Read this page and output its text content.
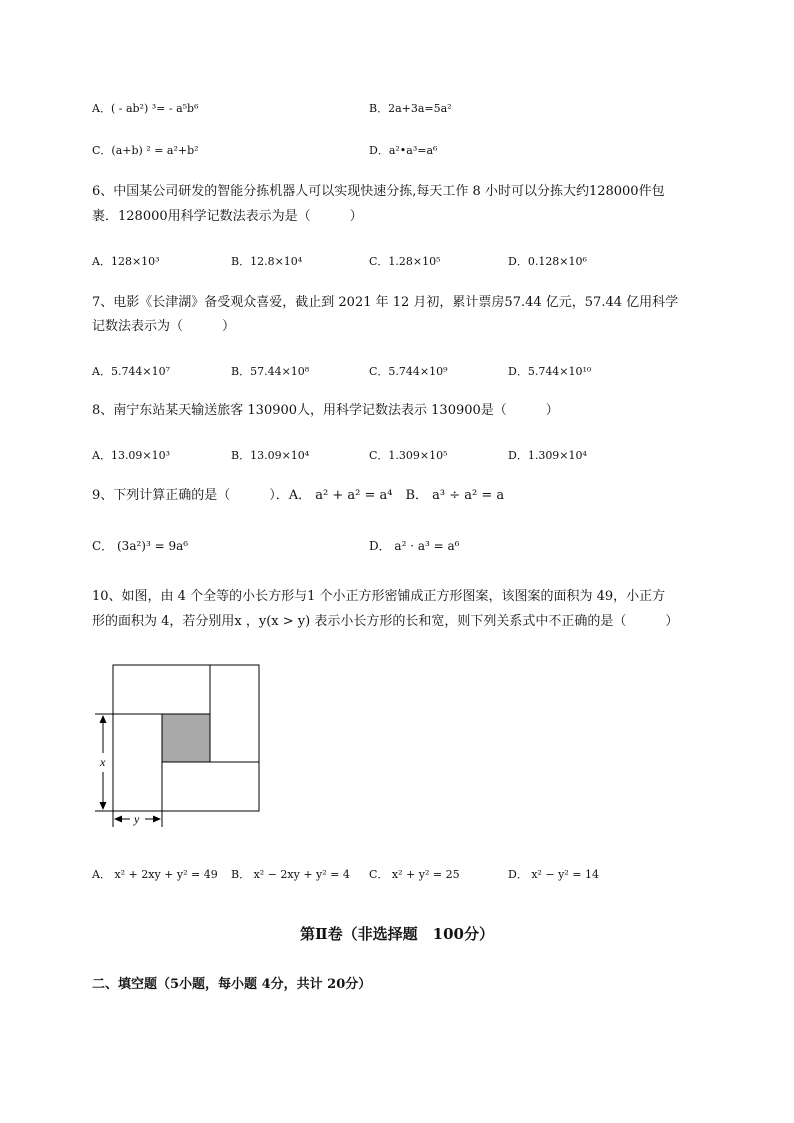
A．( - ab²) ³= - a⁵b⁶	B．2a+3a=5a²
C．(a+b) ² = a²+b²	D．a²•a³=a⁶
6、中国某公司研发的智能分拣机器人可以实现快速分拣,每天工作 8 小时可以分拣大约128000件包
裹．128000用科学记数法表示为是（　　　）
A．128×10³	B．12.8×10⁴	C．1.28×10⁵	D．0.128×10⁶
7、电影《长津湖》备受观众喜爱，截止到 2021 年 12 月初，累计票房57.44 亿元，57.44 亿用科学
记数法表示为（　　　）
A．5.744×10⁷	B．57.44×10⁸	C．5.744×10⁹	D．5.744×10¹⁰
8、南宁东站某天输送旅客 130900人，用科学记数法表示 130900是（　　　）
A．13.09×10³	B．13.09×10⁴	C．1.309×10⁵	D．1.309×10⁴
9、下列计算正确的是（　　　）．A． a² + a² = a⁴　B． a³ ÷ a² = a
C． (3a²)³ = 9a⁶	D． a² · a³ = a⁶
10、如图，由 4 个全等的小长方形与1 个小正方形密铺成正方形图案，该图案的面积为 49，小正方
形的面积为 4，若分别用x ，y(x > y) 表示小长方形的长和宽，则下列关系式中不正确的是（　　　）
x
y
A． x² + 2xy + y² = 49 B． x² − 2xy + y² = 4 C． x² + y² = 25	D． x² − y² = 14
第Ⅱ卷（非选择题　100分）
二、填空题（5小题，每小题 4分，共计 20分）
